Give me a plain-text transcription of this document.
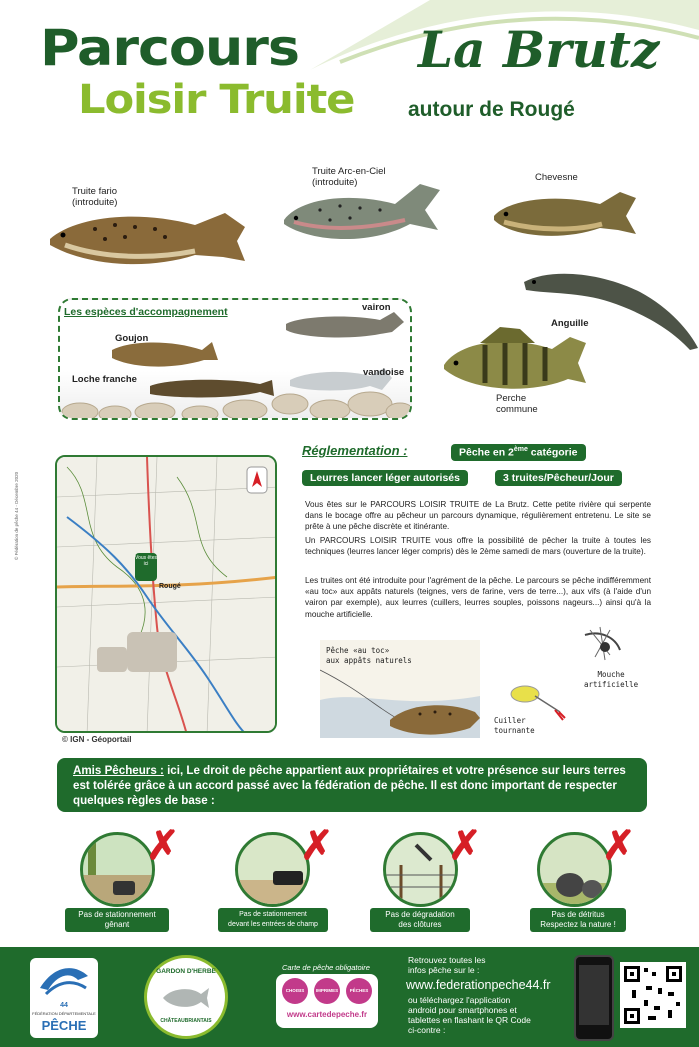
Parcours
Loisir Truite
La Brutz
autour de Rougé
Truite fario
(introduite)
Truite Arc-en-Ciel
(introduite)	Chevesne
Anguille
Perche
commune
Les espèces d'accompagnement	vairon
Goujon
Loche franche
vandoise
© Fédération de pêche 44 - Décembre 2020	Vous êtes ici
Rougé
© IGN - Géoportail
Réglementation :	Pêche en 2ème catégorie
Leurres lancer léger autorisés	3 truites/Pêcheur/Jour
Vous êtes sur le PARCOURS LOISIR TRUITE de La Brutz. Cette petite rivière qui serpente dans le bocage offre au pêcheur un parcours dynamique, régulièrement entretenu. Le site se prête à une pêche discrète et itinérante.
Un PARCOURS LOISIR TRUITE vous offre la possibilité de pêcher la truite à toutes les techniques (leurres lancer léger compris) dès le 2ème samedi de mars (ouverture de la truite).
Les truites ont été introduite pour l'agrément de la pêche. Le parcours se pêche indifféremment «au toc» aux appâts naturels (teignes, vers de farine, vers de terre...), aux vifs (à l'aide d'un vairon par exemple), aux leurres (cuillers, leurres souples, poissons nageurs...) ainsi qu'à la mouche artificielle.
Pêche «au toc»
aux appâts naturels
Mouche
artificielle
Cuiller
tournante
Amis Pêcheurs : ici, Le droit de pêche appartient aux propriétaires et votre présence sur leurs terres est tolérée grâce à un accord passé avec la fédération de pêche. Il est donc important de respecter quelques règles de base :
✗
Pas de stationnement
gênant
✗
Pas de stationnement
devant les entrées de champ
✗
Pas de dégradation
des clôtures
✗
Pas de détritus
Respectez la nature !
44
FÉDÉRATION DÉPARTEMENTALE
PÊCHE
GARDON D'HERBE
CHÂTEAUBRIANTAIS
Carte de pêche obligatoire
CHOISIS	IMPRIMES	PÊCHES
www.cartedepeche.fr
Retrouvez toutes les
infos pêche sur le :
www.federationpeche44.fr
ou téléchargez l'application
android pour smartphones et
tablettes en flashant le QR Code
ci-contre :
